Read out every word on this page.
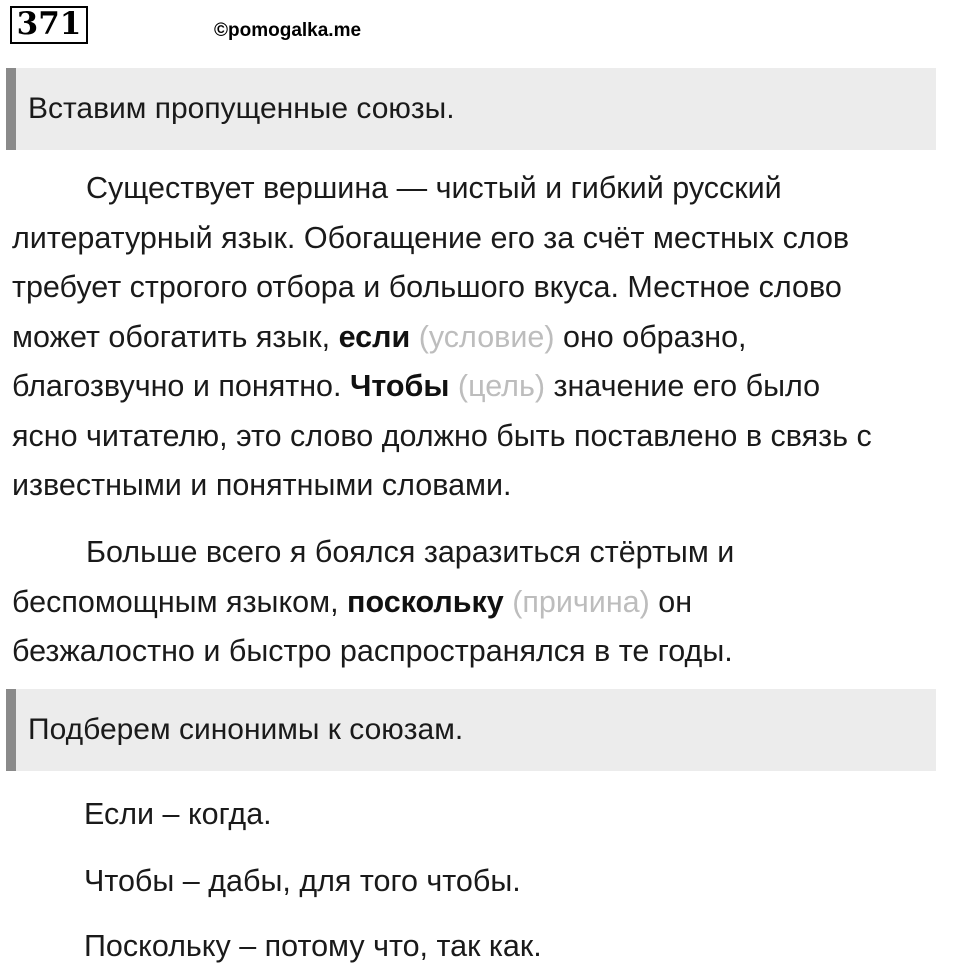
371	©pomogalka.me
Вставим пропущенные союзы.
Существует вершина — чистый и гибкий русский
литературный язык. Обогащение его за счёт местных слов
требует строгого отбора и большого вкуса. Местное слово
может обогатить язык, если (условие) оно образно,
благозвучно и понятно. Чтобы (цель) значение его было
ясно читателю, это слово должно быть поставлено в связь с
известными и понятными словами.
Больше всего я боялся заразиться стёртым и
беспомощным языком, поскольку (причина) он
безжалостно и быстро распространялся в те годы.
Подберем синонимы к союзам.
Если – когда.
Чтобы – дабы, для того чтобы.
Поскольку – потому что, так как.
